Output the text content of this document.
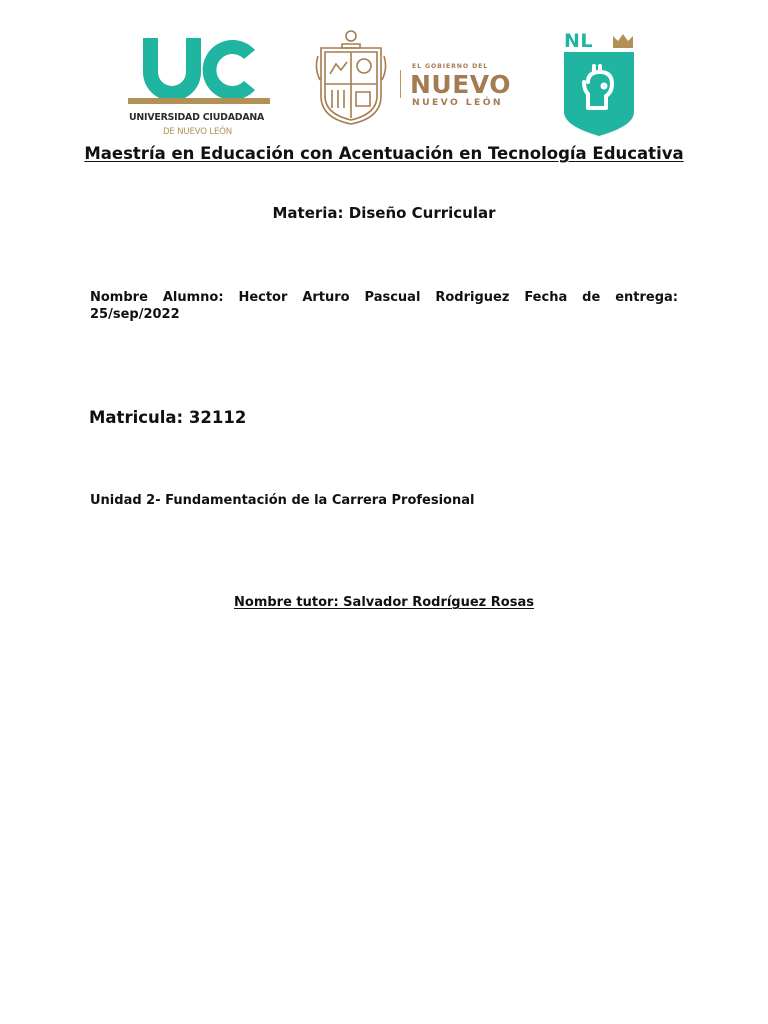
UNIVERSIDAD CIUDADANA
DE NUEVO LEÓN
EL GOBIERNO DEL
NUEVO
NUEVO LEÓN
NL
Maestría en Educación con Acentuación en Tecnología Educativa
Materia: Diseño Curricular
Nombre Alumno: Hector Arturo Pascual Rodriguez Fecha de entrega:
25/sep/2022
Matricula: 32112
Unidad 2- Fundamentación de la Carrera Profesional
Nombre tutor: Salvador Rodríguez Rosas
